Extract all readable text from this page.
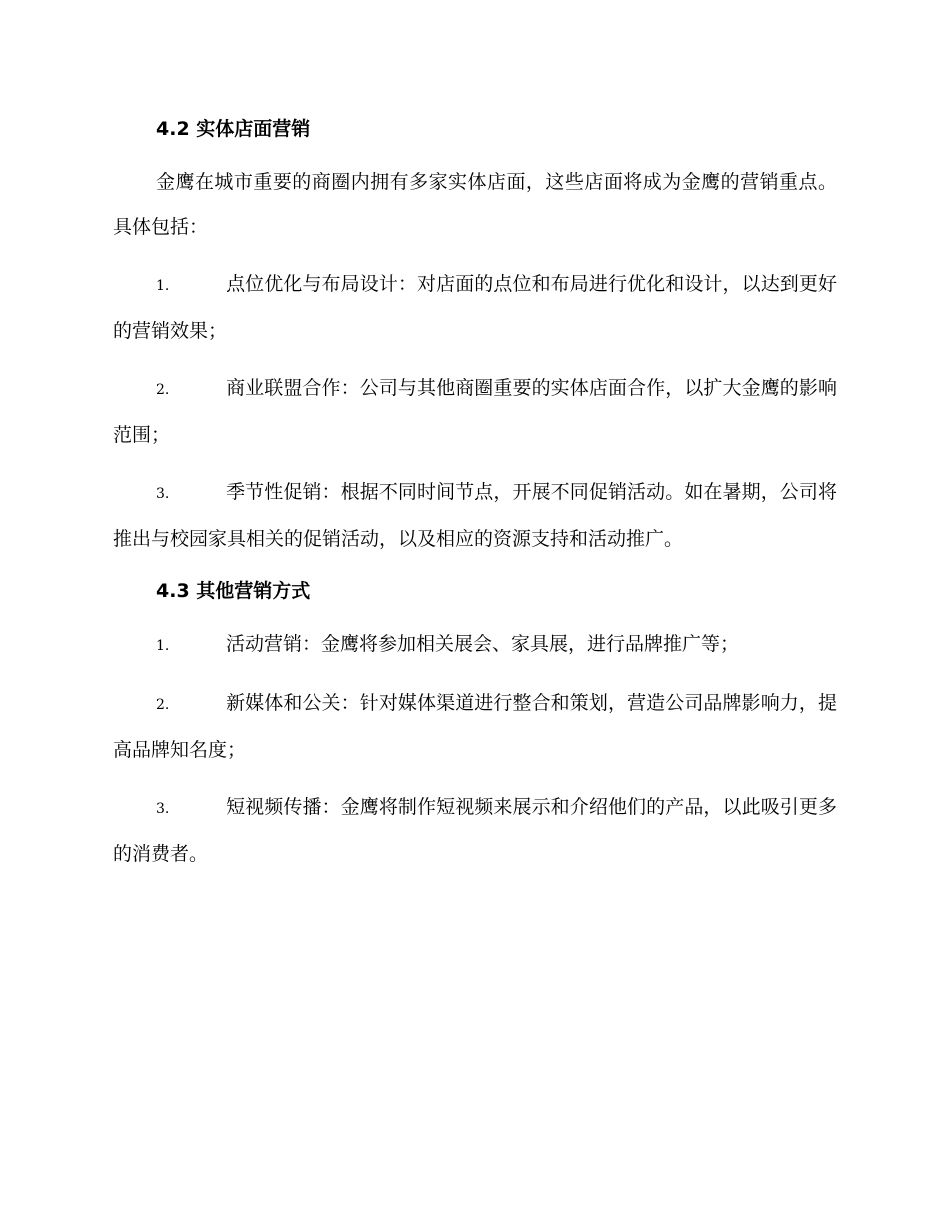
4.2 实体店面营销

金鹰在城市重要的商圈内拥有多家实体店面，这些店面将成为金鹰的营销重点。具体包括：

1.	点位优化与布局设计：对店面的点位和布局进行优化和设计，以达到更好的营销效果；

2.	商业联盟合作：公司与其他商圈重要的实体店面合作，以扩大金鹰的影响范围；

3.	季节性促销：根据不同时间节点，开展不同促销活动。如在暑期，公司将推出与校园家具相关的促销活动，以及相应的资源支持和活动推广。

4.3 其他营销方式

1.	活动营销：金鹰将参加相关展会、家具展，进行品牌推广等；

2.	新媒体和公关：针对媒体渠道进行整合和策划，营造公司品牌影响力，提高品牌知名度；

3.	短视频传播：金鹰将制作短视频来展示和介绍他们的产品，以此吸引更多的消费者。
